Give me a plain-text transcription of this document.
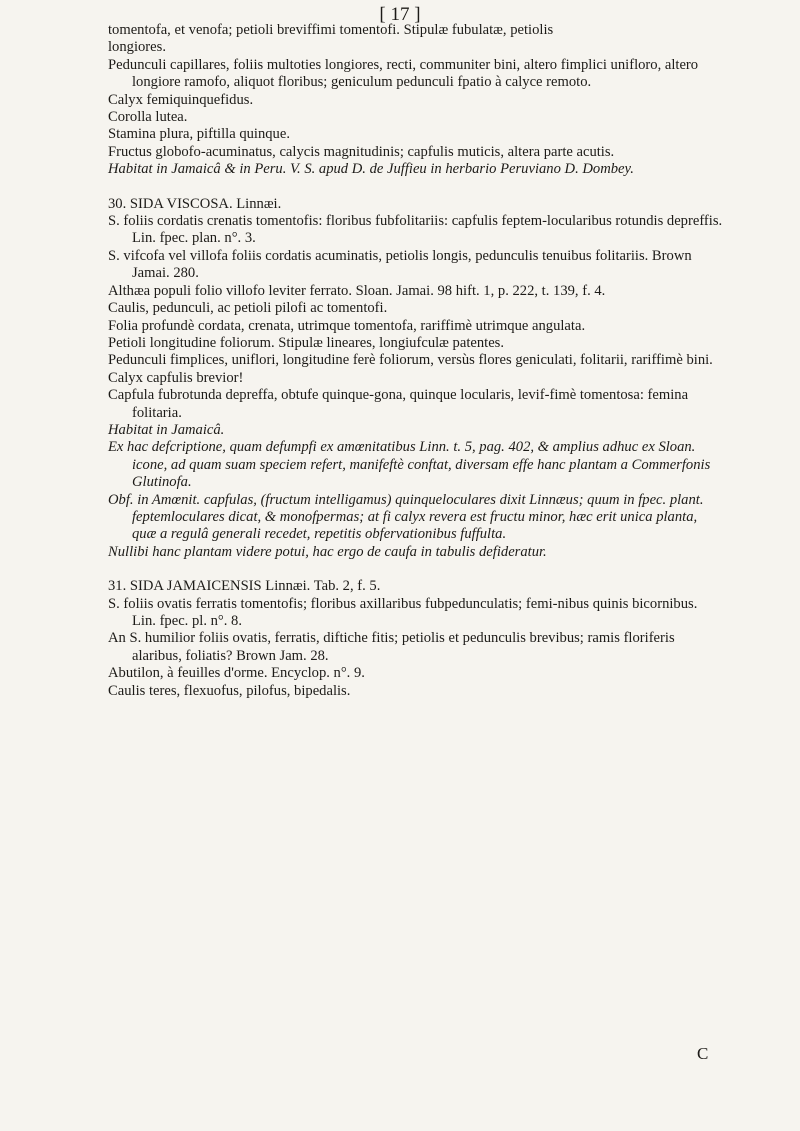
[ 17 ]

tomentofa, et venofa; petioli breviffimi tomentofi. Stipulæ fubulatæ, petiolis

longiores.

Pedunculi capillares, foliis multoties longiores, recti, communiter bini, altero fimplici unifloro, altero longiore ramofo, aliquot floribus; geniculum pedunculi fpatio à calyce remoto.

Calyx femiquinquefidus.

Corolla lutea.

Stamina plura, piftilla quinque.

Fructus globofo-acuminatus, calycis magnitudinis; capfulis muticis, altera parte acutis.

Habitat in Jamaicâ & in Peru. V. S. apud D. de Juffieu in herbario Peruviano D. Dombey.

30. SIDA VISCOSA. Linnæi.

S. foliis cordatis crenatis tomentofis: floribus fubfolitariis: capfulis feptem-locularibus rotundis depreffis. Lin. fpec. plan. n°. 3.

S. vifcofa vel villofa foliis cordatis acuminatis, petiolis longis, pedunculis tenuibus folitariis. Brown Jamai. 280.

Althæa populi folio villofo leviter ferrato. Sloan. Jamai. 98 hift. 1, p. 222, t. 139, f. 4.

Caulis, pedunculi, ac petioli pilofi ac tomentofi.

Folia profundè cordata, crenata, utrimque tomentofa, rariffimè utrimque angulata.

Petioli longitudine foliorum. Stipulæ lineares, longiufculæ patentes.

Pedunculi fimplices, uniflori, longitudine ferè foliorum, versùs flores geniculati, folitarii, rariffimè bini.

Calyx capfulis brevior!

Capfula fubrotunda depreffa, obtufe quinque-gona, quinque locularis, levif-fimè tomentosa: femina folitaria.

Habitat in Jamaicâ.

Ex hac defcriptione, quam defumpfi ex amœnitatibus Linn. t. 5, pag. 402, & amplius adhuc ex Sloan. icone, ad quam suam speciem refert, manifeftè conftat, diversam effe hanc plantam a Commerfonis Glutinofa.

Obf. in Amœnit. capfulas, (fructum intelligamus) quinqueloculares dixit Linnæus; quum in fpec. plant. feptemloculares dicat, & monofpermas; at fi calyx revera est fructu minor, hæc erit unica planta, quæ a regulâ generali recedet, repetitis obfervationibus fuffulta.

Nullibi hanc plantam videre potui, hac ergo de caufa in tabulis defideratur.

31. SIDA JAMAICENSIS Linnæi. Tab. 2, f. 5.

S. foliis ovatis ferratis tomentofis; floribus axillaribus fubpedunculatis; femi-nibus quinis bicornibus. Lin. fpec. pl. n°. 8.

An S. humilior foliis ovatis, ferratis, diftiche fitis; petiolis et pedunculis brevibus; ramis floriferis alaribus, foliatis? Brown Jam. 28.

Abutilon, à feuilles d'orme. Encyclop. n°. 9.

Caulis teres, flexuofus, pilofus, bipedalis.

C
